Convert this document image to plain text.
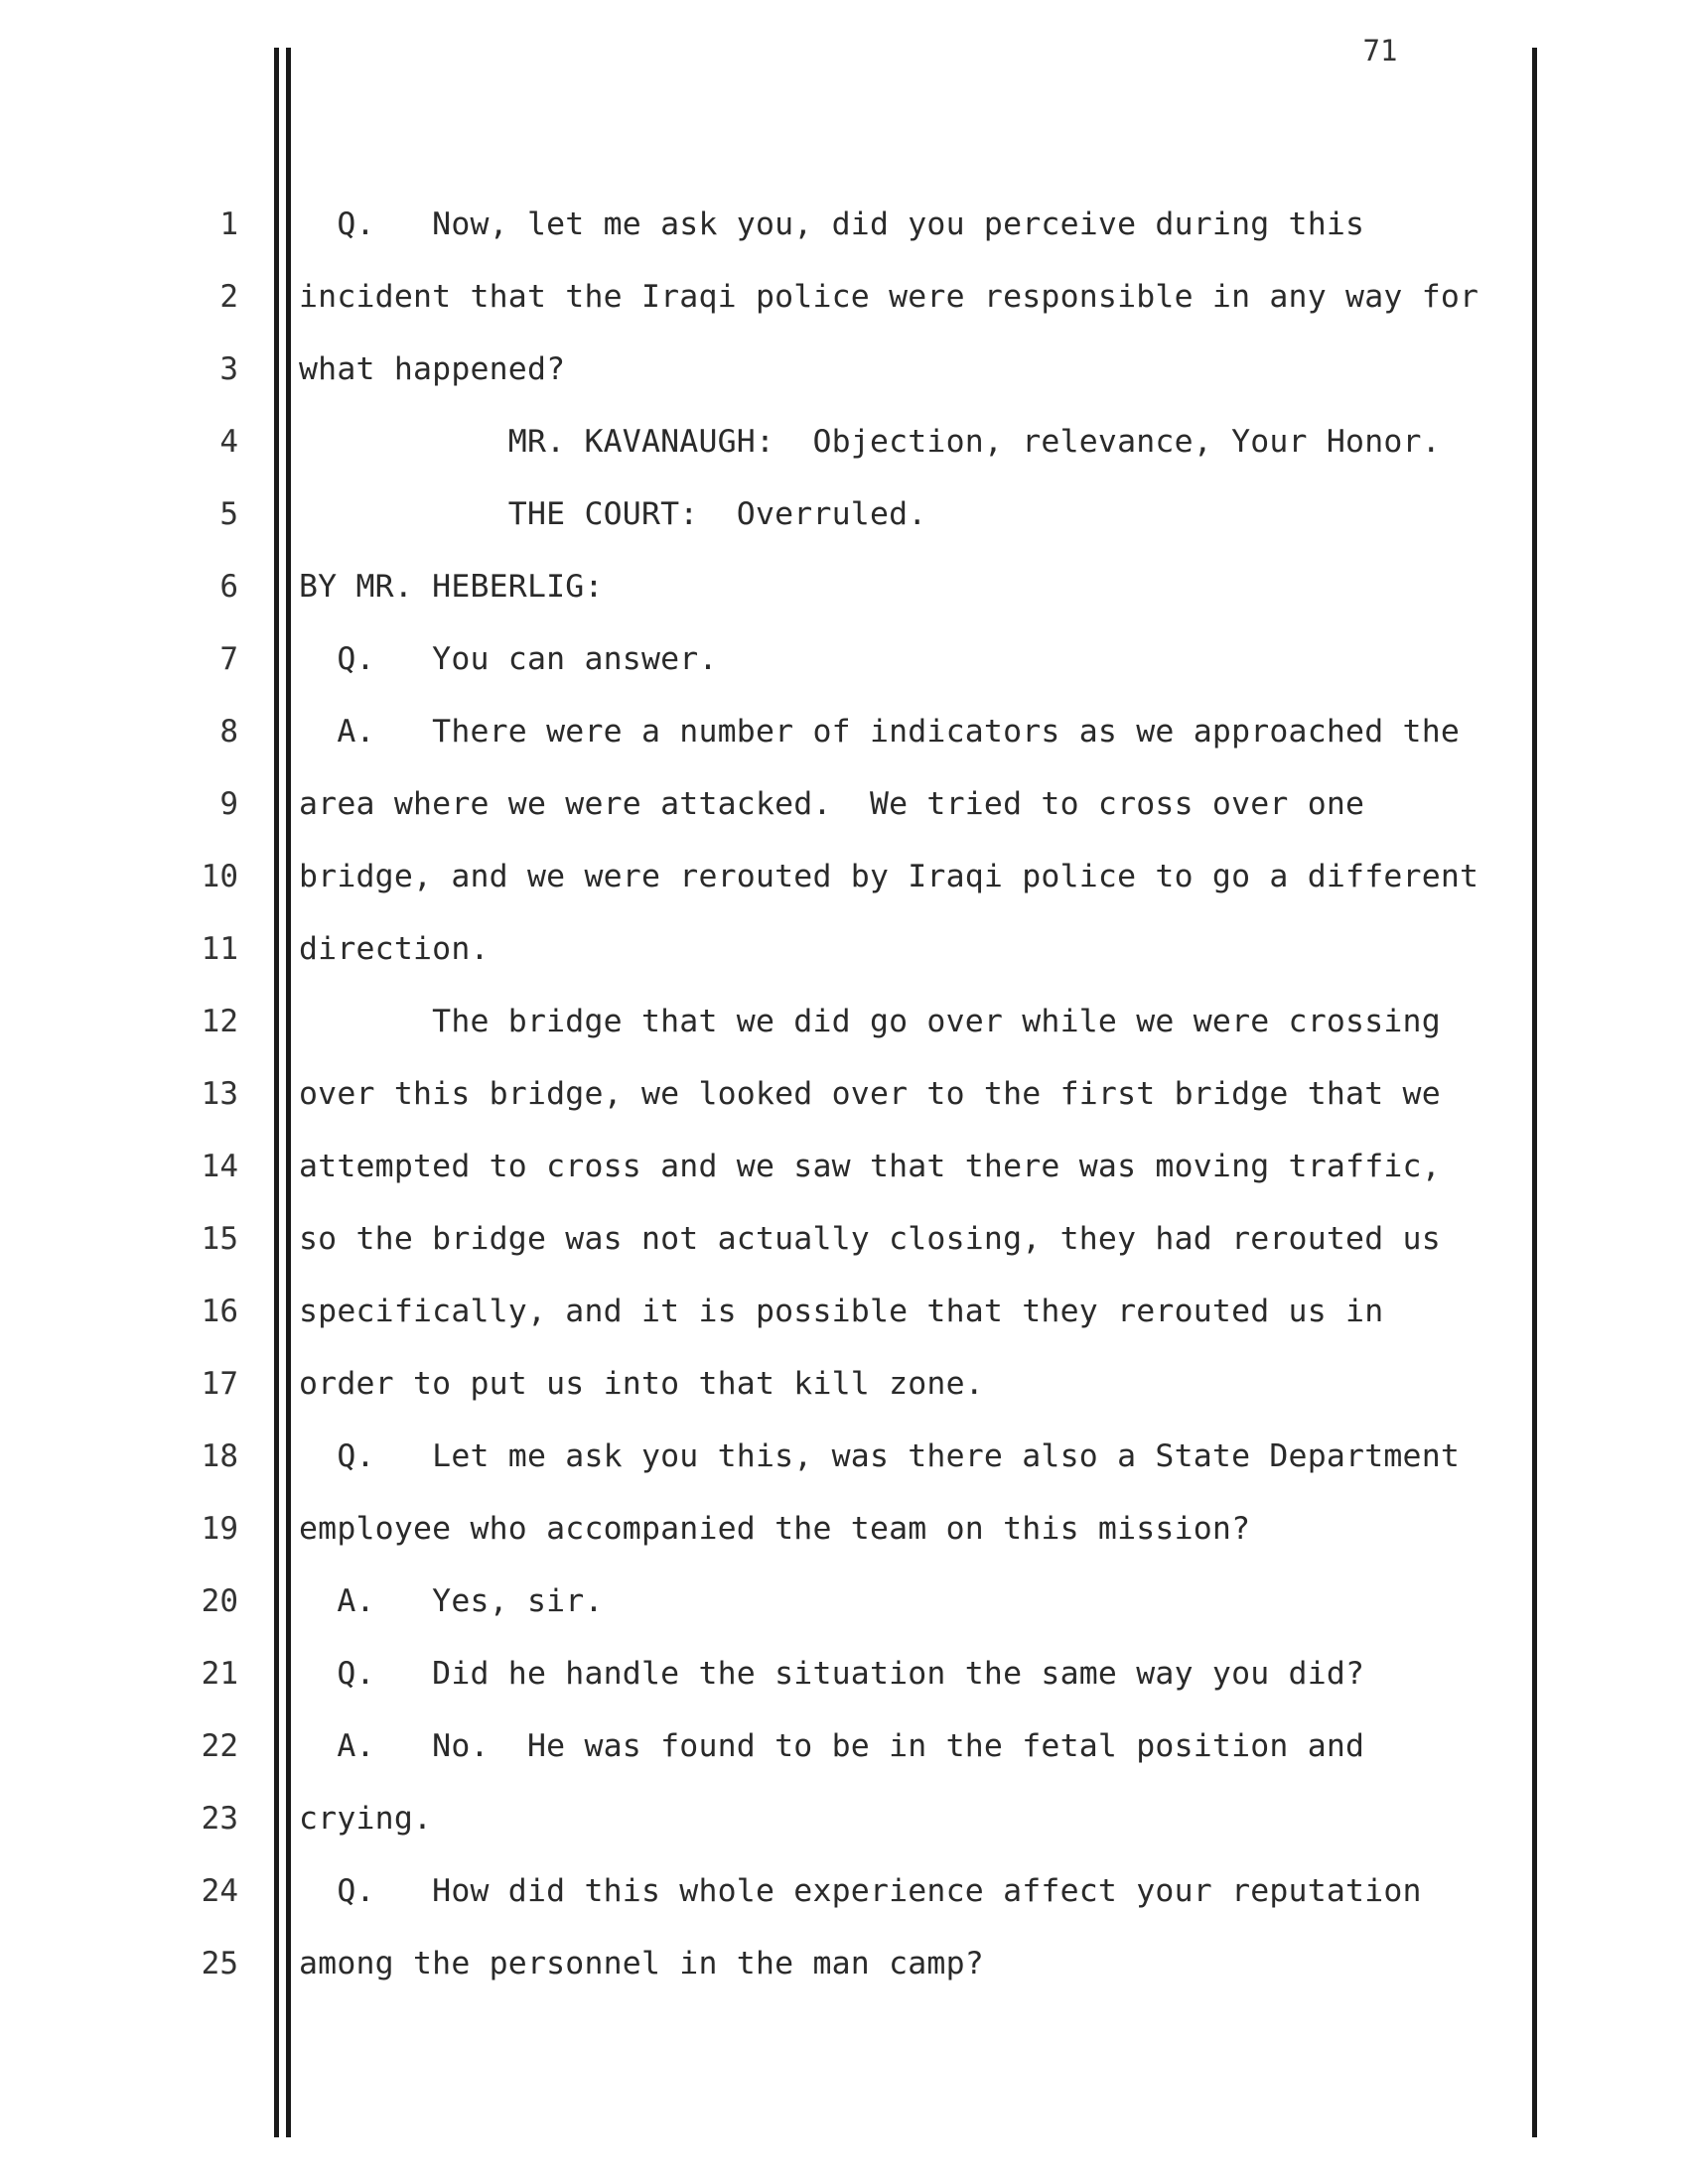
71
1 Q.   Now, let me ask you, did you perceive during this
2 incident that the Iraqi police were responsible in any way for
3 what happened?
4 MR. KAVANAUGH:  Objection, relevance, Your Honor.
5 THE COURT:  Overruled.
6 BY MR. HEBERLIG:
7 Q.   You can answer.
8 A.   There were a number of indicators as we approached the
9 area where we were attacked.  We tried to cross over one
10 bridge, and we were rerouted by Iraqi police to go a different
11 direction.
12 The bridge that we did go over while we were crossing
13 over this bridge, we looked over to the first bridge that we
14 attempted to cross and we saw that there was moving traffic,
15 so the bridge was not actually closing, they had rerouted us
16 specifically, and it is possible that they rerouted us in
17 order to put us into that kill zone.
18 Q.   Let me ask you this, was there also a State Department
19 employee who accompanied the team on this mission?
20 A.   Yes, sir.
21 Q.   Did he handle the situation the same way you did?
22 A.   No.  He was found to be in the fetal position and
23 crying.
24 Q.   How did this whole experience affect your reputation
25 among the personnel in the man camp?
